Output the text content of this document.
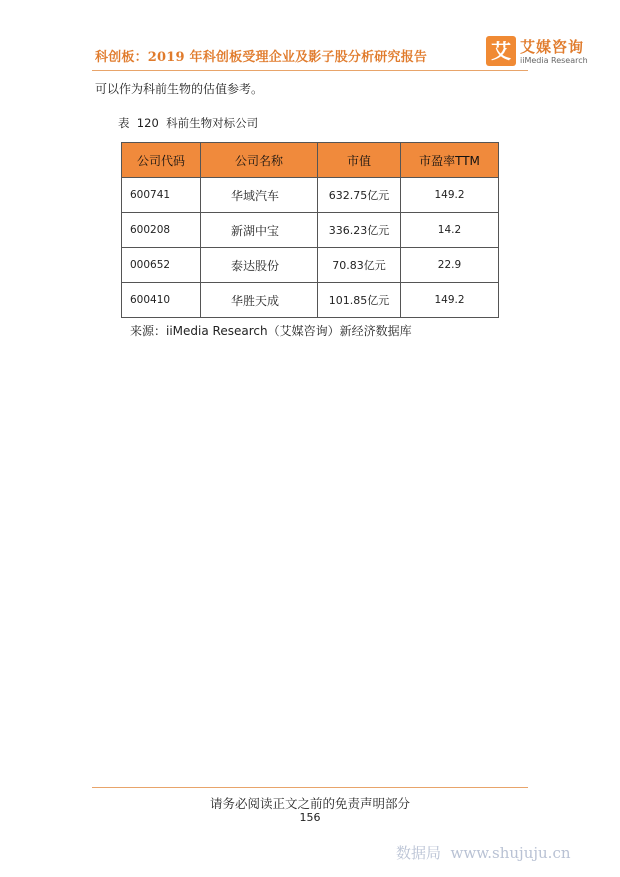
科创板：2019 年科创板受理企业及影子股分析研究报告	艾 艾媒咨询
iiMedia Research
可以作为科前生物的估值参考。
表  120  科前生物对标公司
公司代码	公司名称	市值	市盈率TTM
600741	华域汽车	632.75亿元	149.2
600208	新湖中宝	336.23亿元	14.2
000652	泰达股份	70.83亿元	22.9
600410	华胜天成	101.85亿元	149.2
来源：iiMedia Research（艾媒咨询）新经济数据库
请务必阅读正文之前的免责声明部分
156
数据局  www.shujuju.cn
